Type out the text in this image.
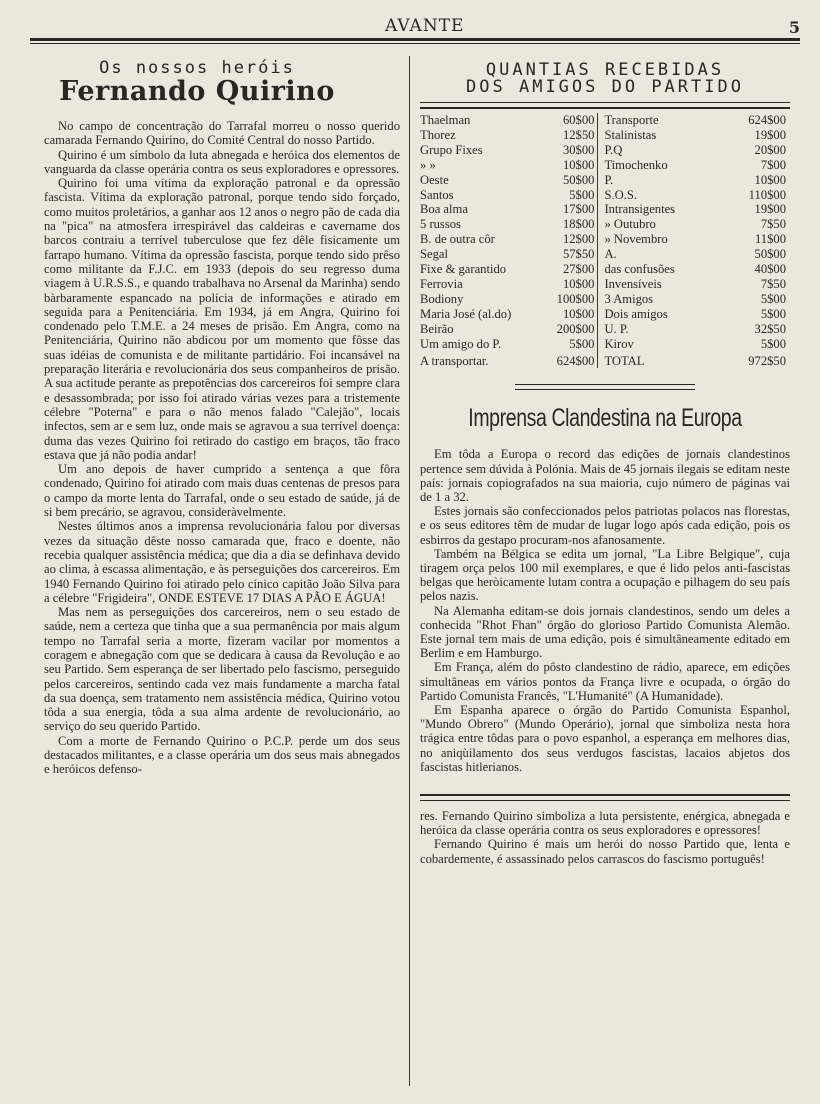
AVANTE	5
Os nossos heróis
Fernando Quirino

No campo de concentração do Tarrafal morreu o nosso querido camarada Fernando Quirino, do Comité Central do nosso Partido.

Quirino é um símbolo da luta abnegada e heróica dos elementos de vanguarda da classe operária contra os seus exploradores e opressores.

Quirino foi uma vítima da exploração patronal e da opressão fascista. Vítima da exploração patronal, porque tendo sido forçado, como muitos proletários, a ganhar aos 12 anos o negro pão de cada dia na "pica" na atmosfera irrespirável das caldeiras e cavername dos barcos contraiu a terrível tuberculose que fez dêle fisicamente um farrapo humano. Vítima da opressão fascista, porque tendo sido prêso como militante da F.J.C. em 1933 (depois do seu regresso duma viagem à U.R.S.S., e quando trabalhava no Arsenal da Marinha) sendo bàrbaramente espancado na polícia de informações e atirado em seguida para a Penitenciária. Em 1934, já em Angra, Quirino foi condenado pelo T.M.E. a 24 meses de prisão. Em Angra, como na Penitenciária, Quirino não abdicou por um momento que fôsse das suas idéias de comunista e de militante partidário. Foi incansável na preparação literária e revolucionária dos seus companheiros de prisão. A sua actitude perante as prepotências dos carcereiros foi sempre clara e desassombrada; por isso foi atirado várias vezes para a tristemente célebre "Poterna" e para o não menos falado "Calejão", locais infectos, sem ar e sem luz, onde mais se agravou a sua terrível doença: duma das vezes Quirino foi retirado do castigo em braços, tão fraco estava que já não podia andar!

Um ano depois de haver cumprido a sentença a que fôra condenado, Quirino foi atirado com mais duas centenas de presos para o campo da morte lenta do Tarrafal, onde o seu estado de saúde, já de si bem precário, se agravou, consideràvelmente.

Nestes últimos anos a imprensa revolucionária falou por diversas vezes da situação dêste nosso camarada que, fraco e doente, não recebia qualquer assistência médica; que dia a dia se definhava devido ao clima, à escassa alimentação, e às perseguições dos carcereiros. Em 1940 Fernando Quirino foi atirado pelo cínico capitão João Silva para a célebre "Frigideira", ONDE ESTEVE 17 DIAS A PÃO E ÁGUA!

Mas nem as perseguições dos carcereiros, nem o seu estado de saúde, nem a certeza que tinha que a sua permanência por mais algum tempo no Tarrafal seria a morte, fizeram vacilar por momentos a coragem e abnegação com que se dedicara à causa da Revolução e ao seu Partido. Sem esperança de ser libertado pelo fascismo, perseguido pelos carcereiros, sentindo cada vez mais fundamente a marcha fatal da sua doença, sem tratamento nem assistência médica, Quirino votou tôda a sua energia, tôda a sua alma ardente de revolucionário, ao serviço do seu querido Partido.

Com a morte de Fernando Quirino o P.C.P. perde um dos seus destacados militantes, e a classe operária um dos seus mais abnegados e heróicos defenso-

QUANTIAS RECEBIDAS
DOS AMIGOS DO PARTIDO
Thaelman	60$00	Transporte	624$00
Thorez	12$50	Stalinistas	19$00
Grupo Fixes	30$00	P.Q	20$00
» »	10$00	Timochenko	7$00
Oeste	50$00	P.	10$00
Santos	5$00	S.O.S.	110$00
Boa alma	17$00	Intransigentes	19$00
5 russos	18$00	» Outubro	7$50
B. de outra côr	12$00	» Novembro	11$00
Segal	57$50	A.	50$00
Fixe & garantido	27$00	das confusões	40$00
Ferrovia	10$00	Invensíveis	7$50
Bodiony	100$00	3 Amigos	5$00
Maria José (al.do)	10$00	Dois amigos	5$00
Beirão	200$00	U. P.	32$50
Um amigo do P.	5$00	Kirov	5$00
A transportar.	624$00	TOTAL	972$50
Imprensa Clandestina na Europa

Em tôda a Europa o record das edições de jornais clandestinos pertence sem dúvida à Polónia. Mais de 45 jornais ilegais se editam neste país: jornais copiografados na sua maioria, cujo número de páginas vai de 1 a 32.

Estes jornais são confeccionados pelos patriotas polacos nas florestas, e os seus editores têm de mudar de lugar logo após cada edição, pois os esbirros da gestapo procuram-nos afanosamente.

Também na Bélgica se edita um jornal, "La Libre Belgique", cuja tiragem orça pelos 100 mil exemplares, e que é lido pelos anti-fascistas belgas que heròicamente lutam contra a ocupação e pilhagem do seu país pelos nazis.

Na Alemanha editam-se dois jornais clandestinos, sendo um deles a conhecida "Rhot Fhan" órgão do glorioso Partido Comunista Alemão. Este jornal tem mais de uma edição, pois é simultâneamente editado em Berlim e em Hamburgo.

Em França, além do pôsto clandestino de rádio, aparece, em edições simultâneas em vários pontos da França livre e ocupada, o órgão do Partido Comunista Francês, "L'Humanité" (A Humanidade).

Em Espanha aparece o órgão do Partido Comunista Espanhol, "Mundo Obrero" (Mundo Operário), jornal que simboliza nesta hora trágica entre tôdas para o povo espanhol, a esperança em melhores dias, no aniqùilamento dos seus verdugos fascistas, lacaios abjetos dos fascistas hitlerianos.

res. Fernando Quirino simboliza a luta persistente, enérgica, abnegada e heróica da classe operária contra os seus exploradores e opressores!

Fernando Quirino é mais um herói do nosso Partido que, lenta e cobardemente, é assassinado pelos carrascos do fascismo português!
